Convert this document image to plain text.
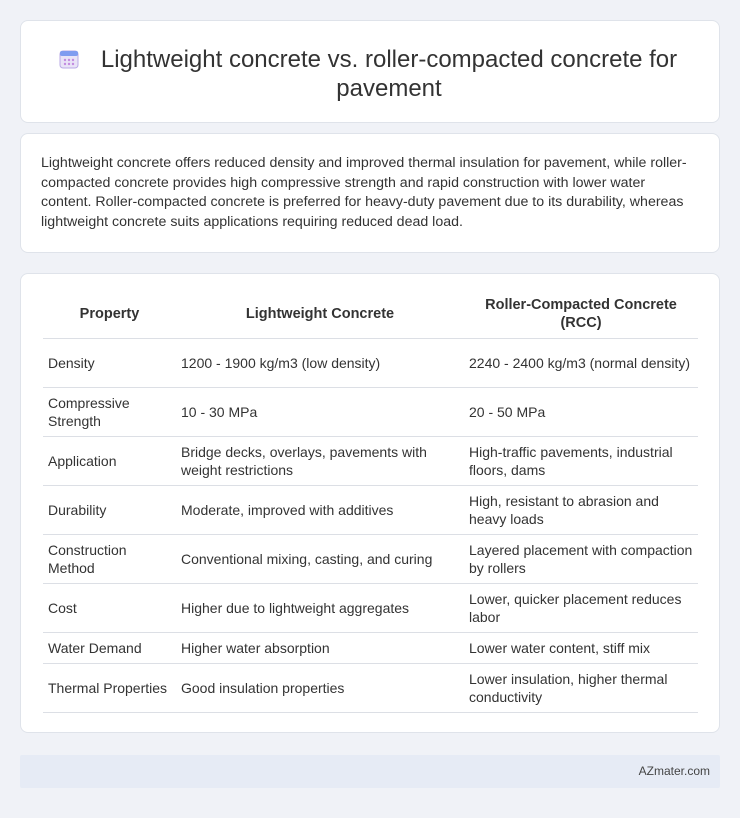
Lightweight concrete vs. roller-compacted concrete for pavement

Lightweight concrete offers reduced density and improved thermal insulation for pavement, while roller-compacted concrete provides high compressive strength and rapid construction with lower water content. Roller-compacted concrete is preferred for heavy-duty pavement due to its durability, whereas lightweight concrete suits applications requiring reduced dead load.

Property	Lightweight Concrete	Roller-Compacted Concrete (RCC)
Density	1200 - 1900 kg/m3 (low density)	2240 - 2400 kg/m3 (normal density)
Compressive Strength	10 - 30 MPa	20 - 50 MPa
Application	Bridge decks, overlays, pavements with weight restrictions	High-traffic pavements, industrial floors, dams
Durability	Moderate, improved with additives	High, resistant to abrasion and heavy loads
Construction Method	Conventional mixing, casting, and curing	Layered placement with compaction by rollers
Cost	Higher due to lightweight aggregates	Lower, quicker placement reduces labor
Water Demand	Higher water absorption	Lower water content, stiff mix
Thermal Properties	Good insulation properties	Lower insulation, higher thermal conductivity
AZmater.com
